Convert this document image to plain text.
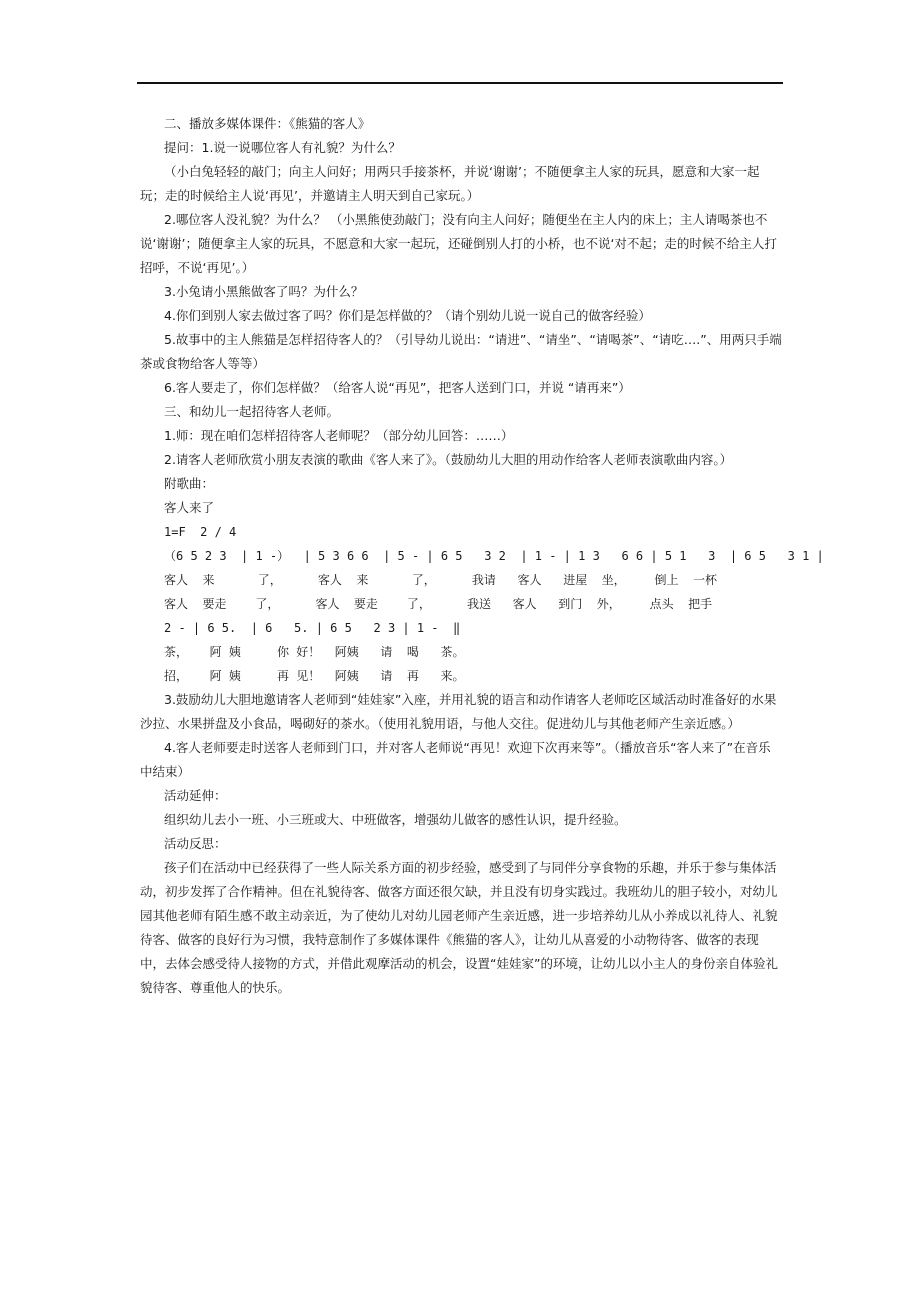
二、播放多媒体课件：《熊猫的客人》

提问：1.说一说哪位客人有礼貌？为什么？

（小白兔轻轻的敲门；向主人问好；用两只手接茶杯，并说‘谢谢’；不随便拿主人家的玩具，愿意和大家一起玩；走的时候给主人说‘再见’，并邀请主人明天到自己家玩。）

2.哪位客人没礼貌？为什么？ （小黑熊使劲敲门；没有向主人问好；随便坐在主人内的床上；主人请喝茶也不说‘谢谢’；随便拿主人家的玩具，不愿意和大家一起玩，还碰倒别人打的小桥，也不说‘对不起；走的时候不给主人打招呼，不说‘再见’。）

3.小兔请小黑熊做客了吗？为什么？

4.你们到别人家去做过客了吗？你们是怎样做的？（请个别幼儿说一说自己的做客经验）

5.故事中的主人熊猫是怎样招待客人的？（引导幼儿说出：“请进”、“请坐”、“请喝茶”、“请吃….”、用两只手端茶或食物给客人等等）

6.客人要走了，你们怎样做？（给客人说“再见”，把客人送到门口，并说 “请再来”）

三、和幼儿一起招待客人老师。

1.师：现在咱们怎样招待客人老师呢？（部分幼儿回答：……）

2.请客人老师欣赏小朋友表演的歌曲《客人来了》。（鼓励幼儿大胆的用动作给客人老师表演歌曲内容。）

附歌曲：

客人来了

1=F  2 / 4

（6 5 2 3  | 1 -）  | 5 3 6 6  | 5 - | 6 5   3 2  | 1 - | 1 3   6 6 | 5 1   3  | 6 5   3 1 |

客人  来      了，     客人  来      了，     我请   客人   进屋  坐，    倒上  一杯

客人  要走    了，     客人  要走    了，     我送   客人   到门  外，    点头  把手

2 - | 6 5.  | 6   5. | 6 5   2 3 | 1 -  ‖

茶，   阿 姨     你 好！  阿姨   请  喝   茶。

招，   阿 姨     再 见！  阿姨   请  再   来。

3.鼓励幼儿大胆地邀请客人老师到“娃娃家”入座，并用礼貌的语言和动作请客人老师吃区域活动时准备好的水果沙拉、水果拼盘及小食品，喝砌好的茶水。（使用礼貌用语，与他人交往。促进幼儿与其他老师产生亲近感。）

4.客人老师要走时送客人老师到门口，并对客人老师说“再见！欢迎下次再来等”。（播放音乐“客人来了”在音乐中结束）

活动延伸：

组织幼儿去小一班、小三班或大、中班做客，增强幼儿做客的感性认识，提升经验。

活动反思：

孩子们在活动中已经获得了一些人际关系方面的初步经验，感受到了与同伴分享食物的乐趣，并乐于参与集体活动，初步发挥了合作精神。但在礼貌待客、做客方面还很欠缺，并且没有切身实践过。我班幼儿的胆子较小，对幼儿园其他老师有陌生感不敢主动亲近，为了使幼儿对幼儿园老师产生亲近感，进一步培养幼儿从小养成以礼待人、礼貌待客、做客的良好行为习惯，我特意制作了多媒体课件《熊猫的客人》，让幼儿从喜爱的小动物待客、做客的表现中，去体会感受待人接物的方式，并借此观摩活动的机会，设置“娃娃家”的环境，让幼儿以小主人的身份亲自体验礼貌待客、尊重他人的快乐。
